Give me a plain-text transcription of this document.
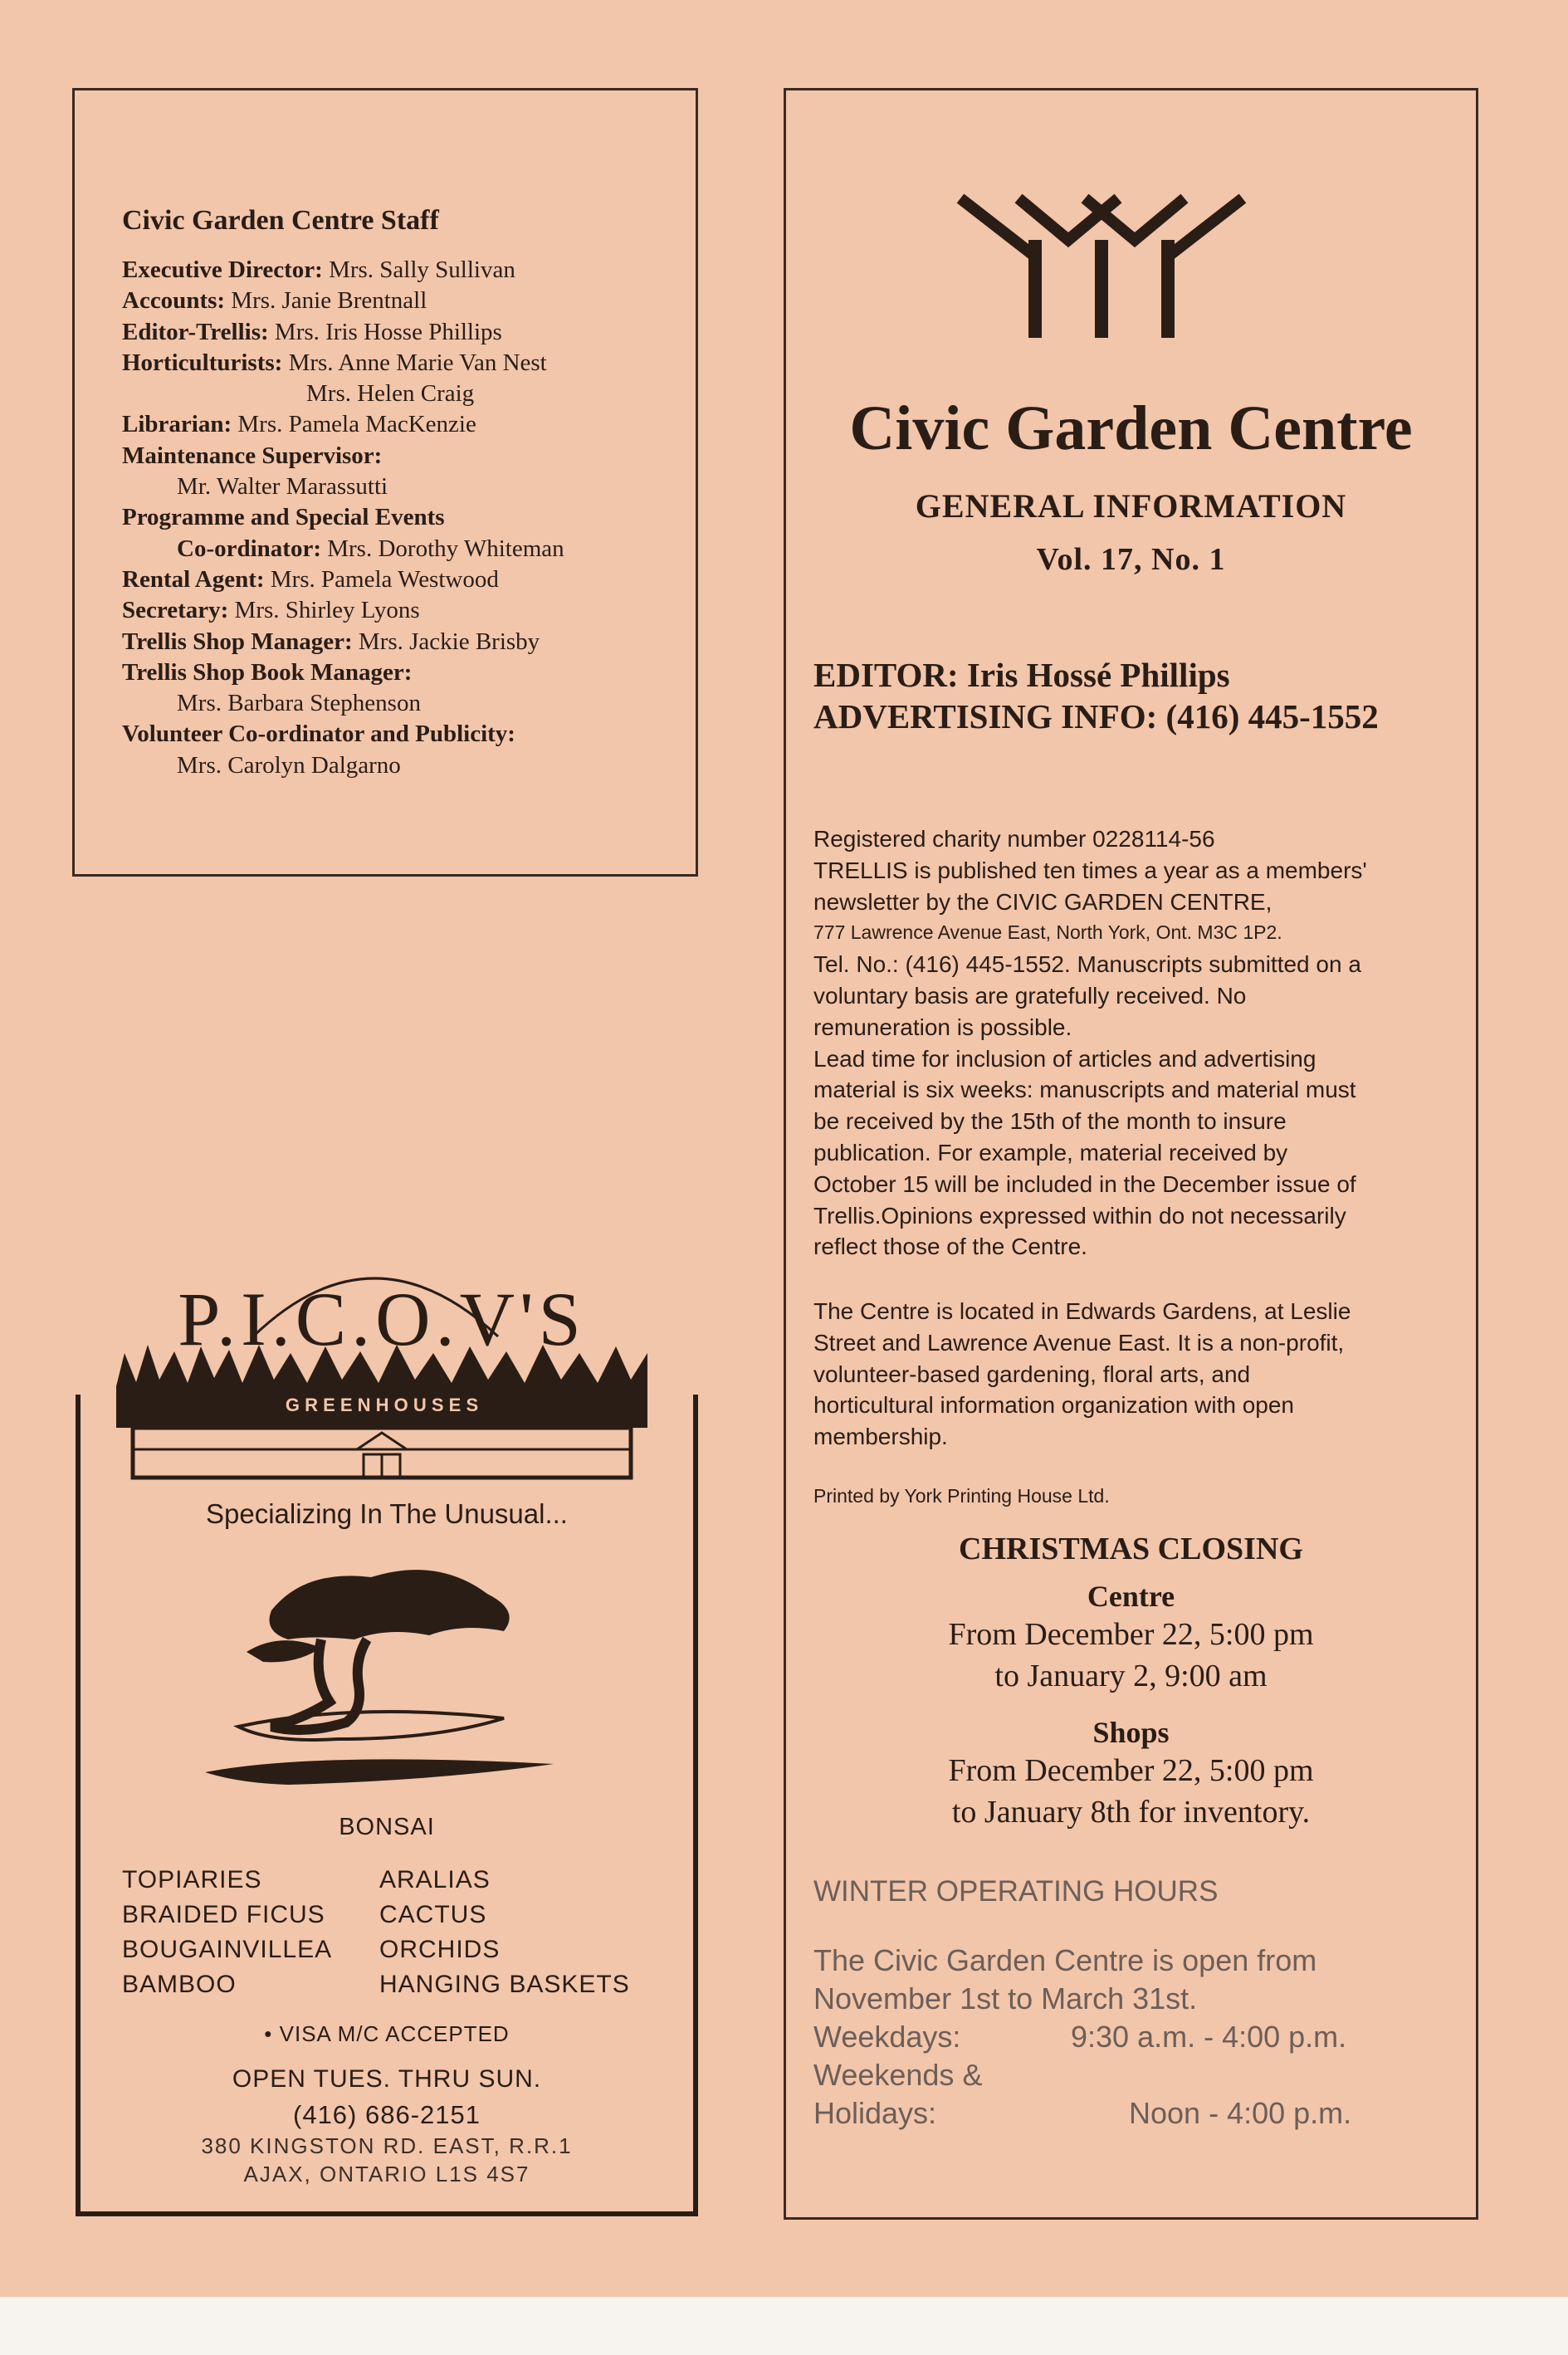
Civic Garden Centre Staff
Executive Director: Mrs. Sally Sullivan
Accounts: Mrs. Janie Brentnall
Editor-Trellis: Mrs. Iris Hosse Phillips
Horticulturists: Mrs. Anne Marie Van Nest
Mrs. Helen Craig
Librarian: Mrs. Pamela MacKenzie
Maintenance Supervisor:
Mr. Walter Marassutti
Programme and Special Events
Co-ordinator: Mrs. Dorothy Whiteman
Rental Agent: Mrs. Pamela Westwood
Secretary: Mrs. Shirley Lyons
Trellis Shop Manager: Mrs. Jackie Brisby
Trellis Shop Book Manager:
Mrs. Barbara Stephenson
Volunteer Co-ordinator and Publicity:
Mrs. Carolyn Dalgarno
Civic Garden Centre
GENERAL INFORMATION
Vol. 17, No. 1
EDITOR: Iris Hossé Phillips
ADVERTISING INFO: (416) 445-1552

Registered charity number 0228114-56

TRELLIS is published ten times a year as a members'

newsletter by the CIVIC GARDEN CENTRE,

777 Lawrence Avenue East, North York, Ont. M3C 1P2.

Tel. No.: (416) 445-1552. Manuscripts submitted on a

voluntary basis are gratefully received. No

remuneration is possible.

Lead time for inclusion of articles and advertising

material is six weeks: manuscripts and material must

be received by the 15th of the month to insure

publication. For example, material received by

October 15 will be included in the December issue of

Trellis.Opinions expressed within do not necessarily

reflect those of the Centre.

The Centre is located in Edwards Gardens, at Leslie

Street and Lawrence Avenue East. It is a non-profit,

volunteer-based gardening, floral arts, and

horticultural information organization with open

membership.

Printed by York Printing House Ltd.
CHRISTMAS CLOSING
Centre
From December 22, 5:00 pm
to January 2, 9:00 am
Shops
From December 22, 5:00 pm
to January 8th for inventory.
WINTER OPERATING HOURS
The Civic Garden Centre is open from
November 1st to March 31st.
Weekdays:	9:30 a.m. - 4:00 p.m.
Weekends &
Holidays:	Noon - 4:00 p.m.
P.I.C.O.V'S
G R E E N H O U S E S
Specializing In The Unusual...
BONSAI
TOPIARIES	ARALIAS
BRAIDED FICUS	CACTUS
BOUGAINVILLEA	ORCHIDS
BAMBOO	HANGING BASKETS
• VISA M/C ACCEPTED
OPEN TUES. THRU SUN.
(416) 686-2151
380 KINGSTON RD. EAST, R.R.1
AJAX, ONTARIO L1S 4S7
